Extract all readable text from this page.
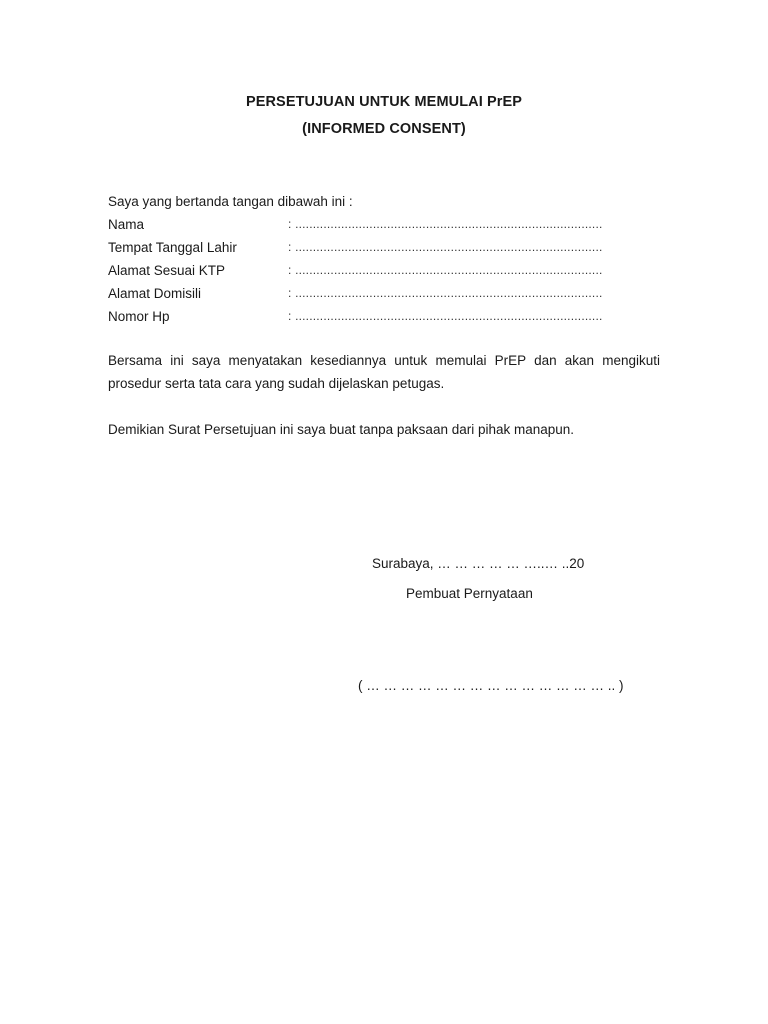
PERSETUJUAN UNTUK MEMULAI PrEP
(INFORMED CONSENT)
Saya yang bertanda tangan dibawah ini :
Nama	: .......................................................................................
Tempat Tanggal Lahir	: .......................................................................................
Alamat Sesuai KTP	: .......................................................................................
Alamat Domisili	: .......................................................................................
Nomor Hp	: .......................................................................................
Bersama ini saya menyatakan kesediannya untuk memulai PrEP dan akan mengikuti prosedur serta tata cara yang sudah dijelaskan petugas.
Demikian Surat Persetujuan ini saya buat tanpa paksaan dari pihak manapun.
Surabaya, … … … … … …..… ..20
Pembuat Pernyataan
( … … … … … … … … … … … … … … .. )
